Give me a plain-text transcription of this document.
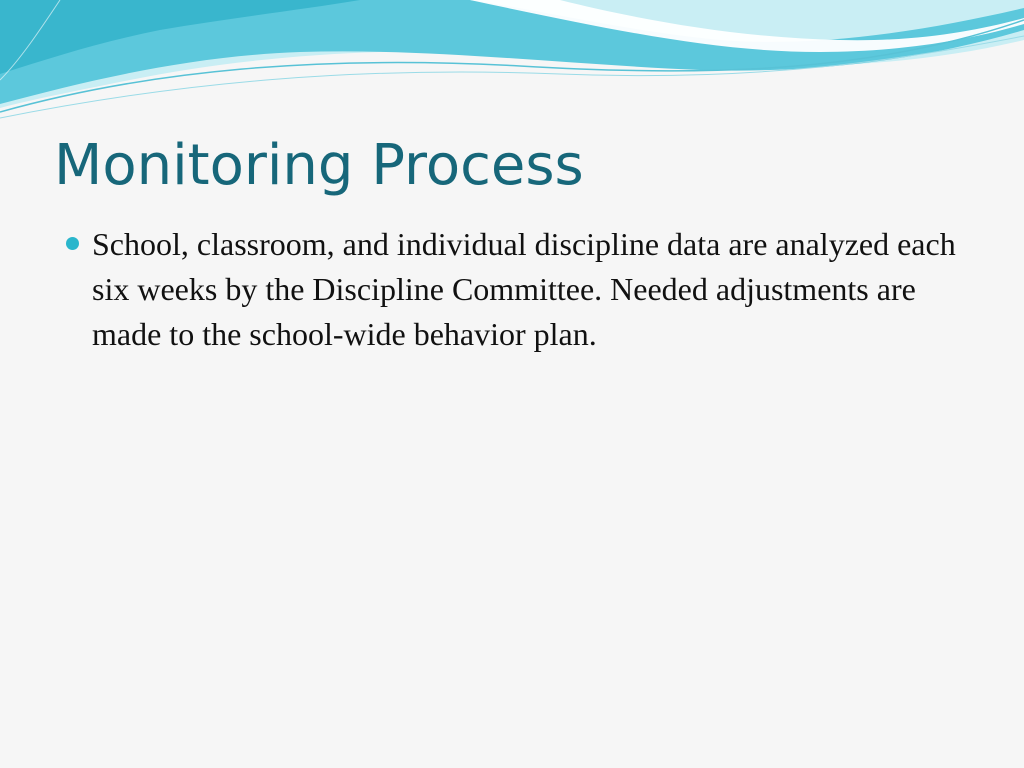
Monitoring Process
School, classroom, and individual discipline data are analyzed each six weeks by the Discipline Committee. Needed adjustments are made to the school-wide behavior plan.
